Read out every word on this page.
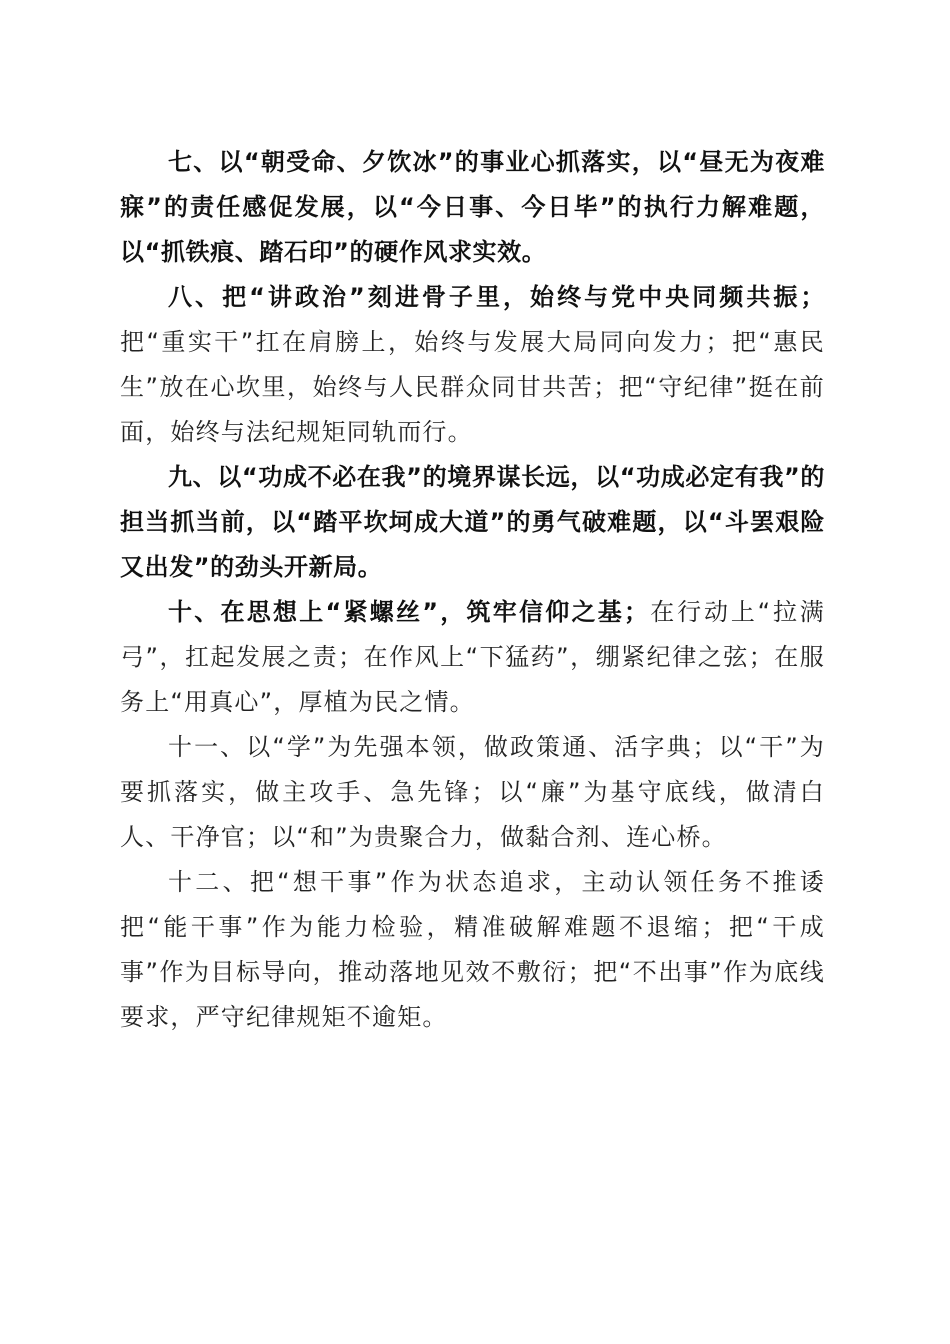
七、以“朝受命、夕饮冰”的事业心抓落实，以“昼无为夜难寐”的责任感促发展，以“今日事、今日毕”的执行力解难题，以“抓铁痕、踏石印”的硬作风求实效。

八、把“讲政治”刻进骨子里，始终与党中央同频共振；把“重实干”扛在肩膀上，始终与发展大局同向发力；把“惠民生”放在心坎里，始终与人民群众同甘共苦；把“守纪律”挺在前面，始终与法纪规矩同轨而行。

九、以“功成不必在我”的境界谋长远，以“功成必定有我”的担当抓当前，以“踏平坎坷成大道”的勇气破难题，以“斗罢艰险又出发”的劲头开新局。

十、在思想上“紧螺丝”，筑牢信仰之基；在行动上“拉满弓”，扛起发展之责；在作风上“下猛药”，绷紧纪律之弦；在服务上“用真心”，厚植为民之情。

十一、以“学”为先强本领，做政策通、活字典；以“干”为要抓落实，做主攻手、急先锋；以“廉”为基守底线，做清白人、干净官；以“和”为贵聚合力，做黏合剂、连心桥。

十二、把“想干事”作为状态追求，主动认领任务不推诿把“能干事”作为能力检验，精准破解难题不退缩；把“干成事”作为目标导向，推动落地见效不敷衍；把“不出事”作为底线要求，严守纪律规矩不逾矩。
